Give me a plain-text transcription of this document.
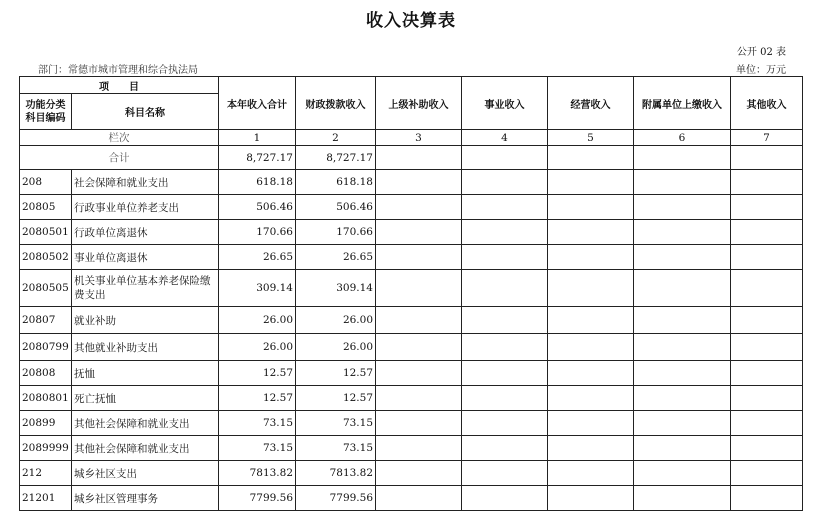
收入决算表
公开 02 表
部门：常德市城市管理和综合执法局	单位：万元
项　　目		本年收入合计	财政拨款收入	上级补助收入	事业收入	经营收入	附属单位上缴收入	其他收入
功能分类
科目编码	科目名称							
栏次		1	2	3	4	5	6	7
合计		8,727.17	8,727.17					
208	社会保障和就业支出	618.18	618.18					
20805	行政事业单位养老支出	506.46	506.46					
2080501	行政单位离退休	170.66	170.66					
2080502	事业单位离退休	26.65	26.65					
2080505	机关事业单位基本养老保险缴费支出	309.14	309.14					
20807	就业补助	26.00	26.00					
2080799	其他就业补助支出	26.00	26.00					
20808	抚恤	12.57	12.57					
2080801	死亡抚恤	12.57	12.57					
20899	其他社会保障和就业支出	73.15	73.15					
2089999	其他社会保障和就业支出	73.15	73.15					
212	城乡社区支出	7813.82	7813.82					
21201	城乡社区管理事务	7799.56	7799.56					
